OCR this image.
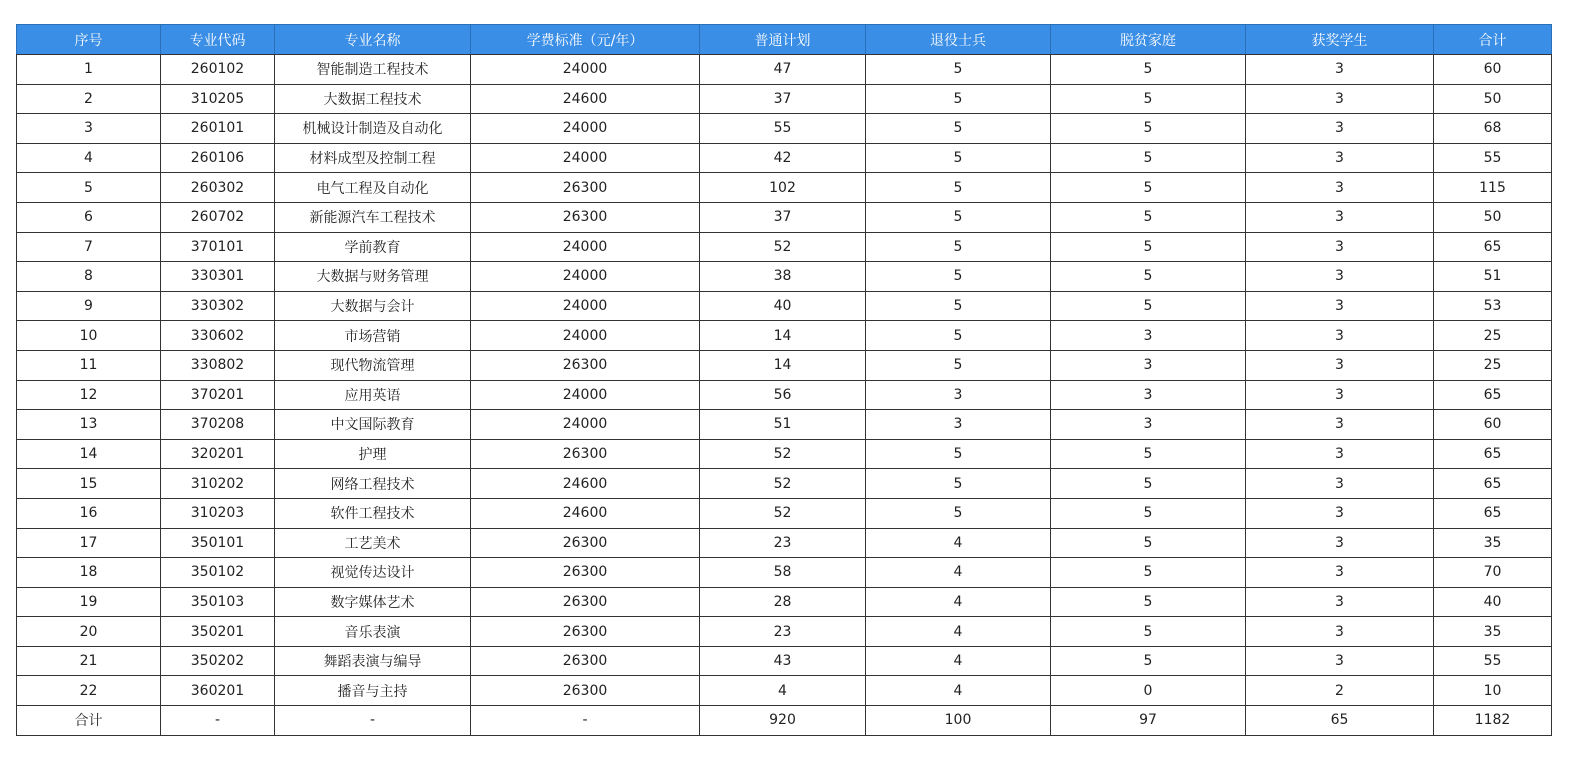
序号	专业代码	专业名称	学费标准（元/年）	普通计划	退役士兵	脱贫家庭	获奖学生	合计
1	260102	智能制造工程技术	24000	47	5	5	3	60
2	310205	大数据工程技术	24600	37	5	5	3	50
3	260101	机械设计制造及自动化	24000	55	5	5	3	68
4	260106	材料成型及控制工程	24000	42	5	5	3	55
5	260302	电气工程及自动化	26300	102	5	5	3	115
6	260702	新能源汽车工程技术	26300	37	5	5	3	50
7	370101	学前教育	24000	52	5	5	3	65
8	330301	大数据与财务管理	24000	38	5	5	3	51
9	330302	大数据与会计	24000	40	5	5	3	53
10	330602	市场营销	24000	14	5	3	3	25
11	330802	现代物流管理	26300	14	5	3	3	25
12	370201	应用英语	24000	56	3	3	3	65
13	370208	中文国际教育	24000	51	3	3	3	60
14	320201	护理	26300	52	5	5	3	65
15	310202	网络工程技术	24600	52	5	5	3	65
16	310203	软件工程技术	24600	52	5	5	3	65
17	350101	工艺美术	26300	23	4	5	3	35
18	350102	视觉传达设计	26300	58	4	5	3	70
19	350103	数字媒体艺术	26300	28	4	5	3	40
20	350201	音乐表演	26300	23	4	5	3	35
21	350202	舞蹈表演与编导	26300	43	4	5	3	55
22	360201	播音与主持	26300	4	4	0	2	10
合计	-	-	-	920	100	97	65	1182
